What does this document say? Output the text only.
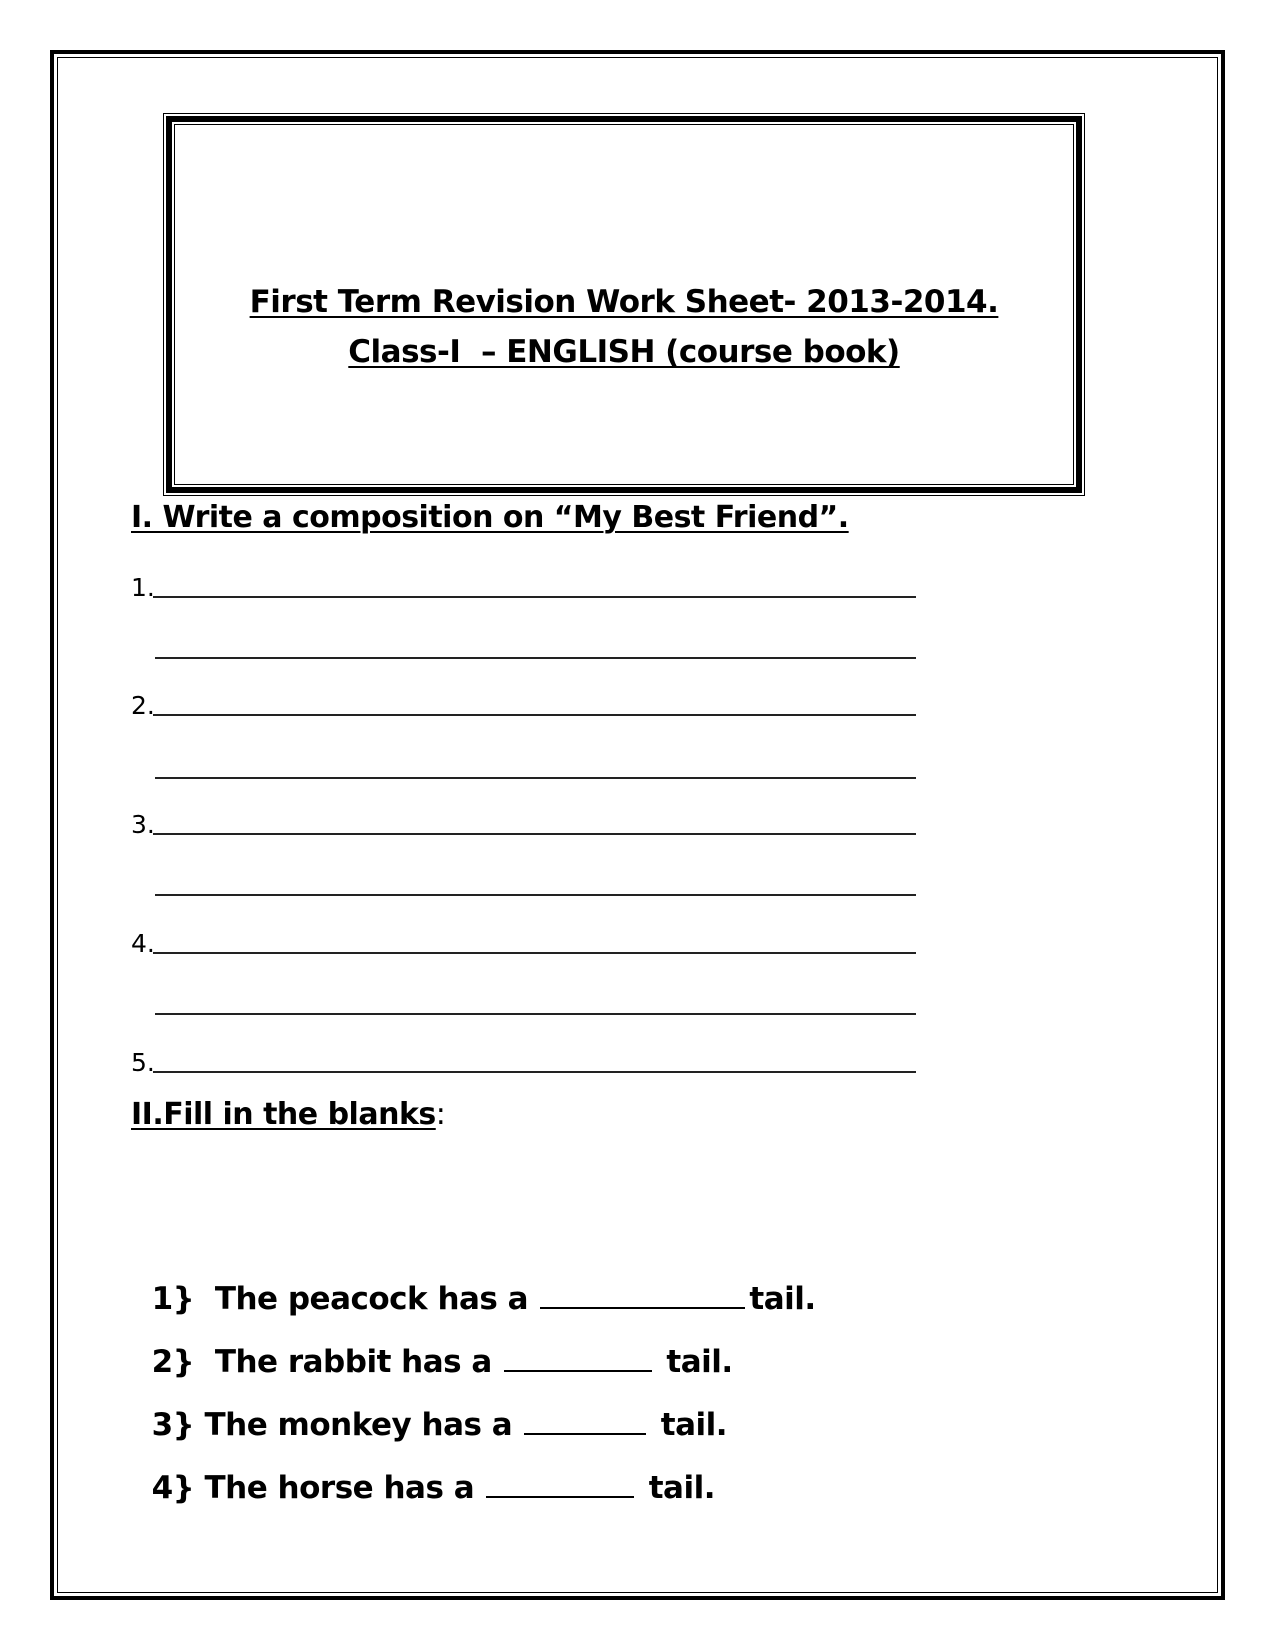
First Term Revision Work Sheet- 2013-2014.
Class-I  – ENGLISH (course book)
I. Write a composition on “My Best Friend”.
1.
2.
3.
4.
5.
II.Fill in the blanks:

1}  The peacock has a	tail.

2}  The rabbit has a	tail.

3} The monkey has a	tail.

4} The horse has a	tail.
